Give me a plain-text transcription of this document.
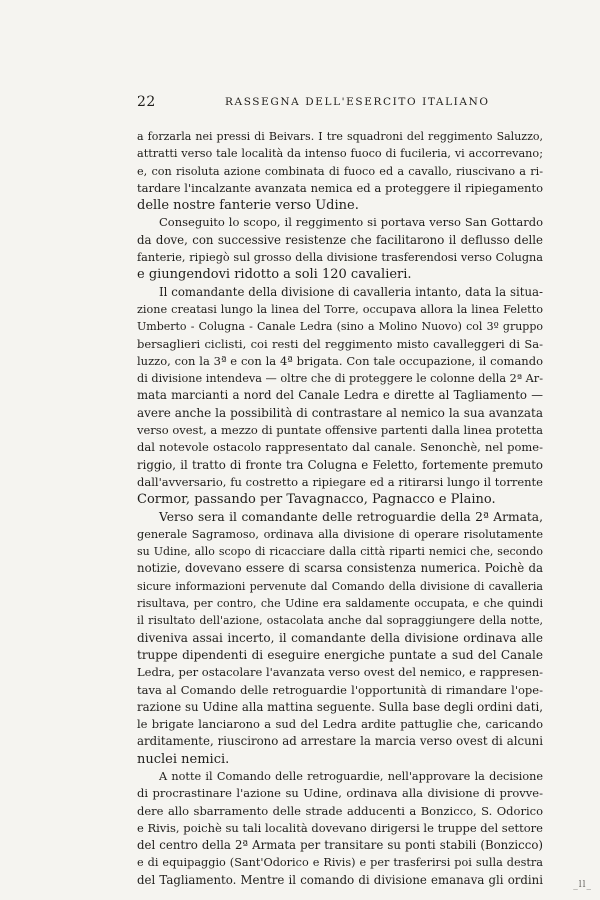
22	RASSEGNA DELL'ESERCITO ITALIANO
a forzarla nei pressi di Beivars. I tre squadroni del reggimento Saluzzo,
attratti verso tale località da intenso fuoco di fucileria, vi accorrevano;
e, con risoluta azione combinata di fuoco ed a cavallo, riuscivano a ri-
tardare l'incalzante avanzata nemica ed a proteggere il ripiegamento
delle nostre fanterie verso Udine.
Conseguito lo scopo, il reggimento si portava verso San Gottardo
da dove, con successive resistenze che facilitarono il deflusso delle
fanterie, ripiegò sul grosso della divisione trasferendosi verso Colugna
e giungendovi ridotto a soli 120 cavalieri.
Il comandante della divisione di cavalleria intanto, data la situa-
zione creatasi lungo la linea del Torre, occupava allora la linea Feletto
Umberto - Colugna - Canale Ledra (sino a Molino Nuovo) col 3º gruppo
bersaglieri ciclisti, coi resti del reggimento misto cavalleggeri di Sa-
luzzo, con la 3ª e con la 4ª brigata. Con tale occupazione, il comando
di divisione intendeva — oltre che di proteggere le colonne della 2ª Ar-
mata marcianti a nord del Canale Ledra e dirette al Tagliamento —
avere anche la possibilità di contrastare al nemico la sua avanzata
verso ovest, a mezzo di puntate offensive partenti dalla linea protetta
dal notevole ostacolo rappresentato dal canale. Senonchè, nel pome-
riggio, il tratto di fronte tra Colugna e Feletto, fortemente premuto
dall'avversario, fu costretto a ripiegare ed a ritirarsi lungo il torrente
Cormor, passando per Tavagnacco, Pagnacco e Plaino.
Verso sera il comandante delle retroguardie della 2ª Armata,
generale Sagramoso, ordinava alla divisione di operare risolutamente
su Udine, allo scopo di ricacciare dalla città riparti nemici che, secondo
notizie, dovevano essere di scarsa consistenza numerica. Poichè da
sicure informazioni pervenute dal Comando della divisione di cavalleria
risultava, per contro, che Udine era saldamente occupata, e che quindi
il risultato dell'azione, ostacolata anche dal sopraggiungere della notte,
diveniva assai incerto, il comandante della divisione ordinava alle
truppe dipendenti di eseguire energiche puntate a sud del Canale
Ledra, per ostacolare l'avanzata verso ovest del nemico, e rappresen-
tava al Comando delle retroguardie l'opportunità di rimandare l'ope-
razione su Udine alla mattina seguente. Sulla base degli ordini dati,
le brigate lanciarono a sud del Ledra ardite pattuglie che, caricando
arditamente, riuscirono ad arrestare la marcia verso ovest di alcuni
nuclei nemici.
A notte il Comando delle retroguardie, nell'approvare la decisione
di procrastinare l'azione su Udine, ordinava alla divisione di provve-
dere allo sbarramento delle strade adducenti a Bonzicco, S. Odorico
e Rivis, poichè su tali località dovevano dirigersi le truppe del settore
del centro della 2ª Armata per transitare su ponti stabili (Bonzicco)
e di equipaggio (Sant'Odorico e Rivis) e per trasferirsi poi sulla destra
del Tagliamento. Mentre il comando di divisione emanava gli ordini	_ll_
